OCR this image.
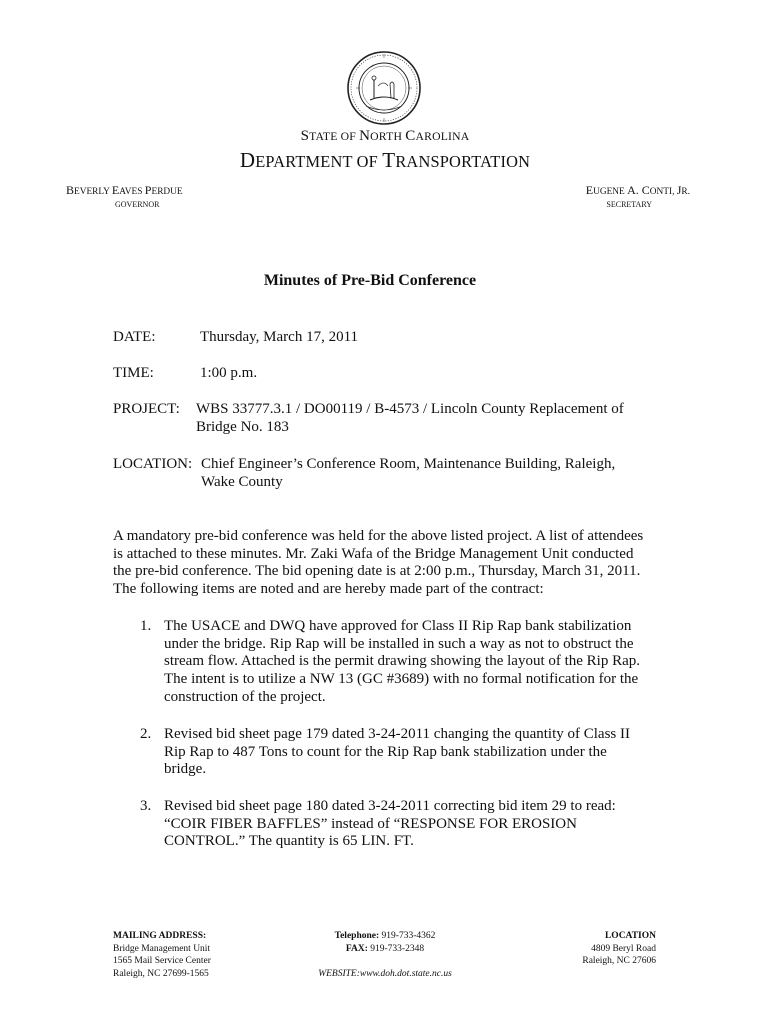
STATE OF NORTH CAROLINA
DEPARTMENT OF TRANSPORTATION
BEVERLY EAVES PERDUE
GOVERNOR
EUGENE A. CONTI, JR.
SECRETARY
Minutes of Pre-Bid Conference
DATE:	Thursday, March 17, 2011
TIME:	1:00 p.m.
PROJECT: WBS 33777.3.1 / DO00119 / B-4573 / Lincoln County Replacement of
Bridge No. 183
LOCATION: Chief Engineer’s Conference Room, Maintenance Building, Raleigh,
Wake County
A mandatory pre-bid conference was held for the above listed project. A list of attendees
is attached to these minutes. Mr. Zaki Wafa of the Bridge Management Unit conducted
the pre-bid conference. The bid opening date is at 2:00 p.m., Thursday, March 31, 2011.
The following items are noted and are hereby made part of the contract:
1. The USACE and DWQ have approved for Class II Rip Rap bank stabilization
under the bridge. Rip Rap will be installed in such a way as not to obstruct the
stream flow. Attached is the permit drawing showing the layout of the Rip Rap.
The intent is to utilize a NW 13 (GC #3689) with no formal notification for the
construction of the project.
2. Revised bid sheet page 179 dated 3-24-2011 changing the quantity of Class II
Rip Rap to 487 Tons to count for the Rip Rap bank stabilization under the
bridge.
3. Revised bid sheet page 180 dated 3-24-2011 correcting bid item 29 to read:
“COIR FIBER BAFFLES” instead of “RESPONSE FOR EROSION
CONTROL.” The quantity is 65 LIN. FT.
MAILING ADDRESS:
Bridge Management Unit
1565 Mail Service Center
Raleigh, NC 27699-1565
Telephone: 919-733-4362
FAX: 919-733-2348
WEBSITE:www.doh.dot.state.nc.us
LOCATION
4809 Beryl Road
Raleigh, NC 27606
